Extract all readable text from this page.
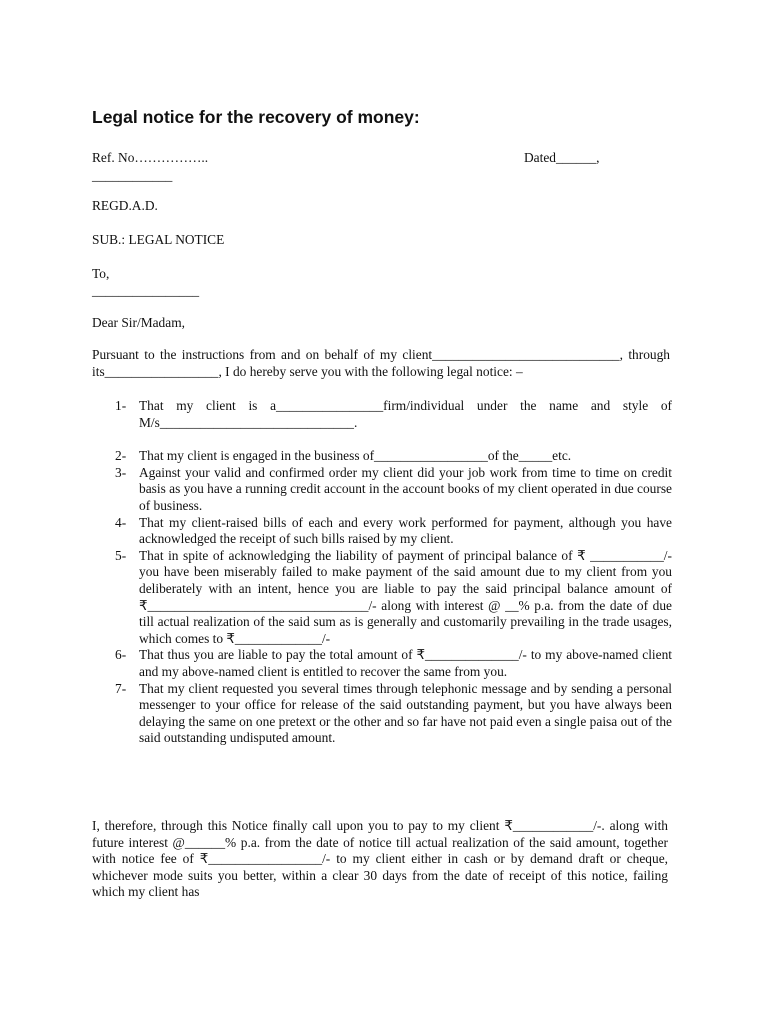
Legal notice for the recovery of money:
Ref. No……………..	Dated______,
____________
REGD.A.D.
SUB.: LEGAL NOTICE
To,
________________
Dear Sir/Madam,

Pursuant to the instructions from and on behalf of my client____________________________, through its_________________, I do hereby serve you with the following legal notice: –

1- That my client is a________________firm/individual under the name and style of M/s_____________________________.
2- That my client is engaged in the business of_________________of the_____etc.
3- Against your valid and confirmed order my client did your job work from time to time on credit basis as you have a running credit account in the account books of my client operated in due course of business.
4- That my client-raised bills of each and every work performed for payment, although you have acknowledged the receipt of such bills raised by my client.
5- That in spite of acknowledging the liability of payment of principal balance of ₹ ___________/- you have been miserably failed to make payment of the said amount due to my client from you deliberately with an intent, hence you are liable to pay the said principal balance amount of ₹_________________________________/- along with interest @ __% p.a. from the date of due till actual realization of the said sum as is generally and customarily prevailing in the trade usages, which comes to ₹_____________/-
6- That thus you are liable to pay the total amount of ₹______________/- to my above-named client and my above-named client is entitled to recover the same from you.
7- That my client requested you several times through telephonic message and by sending a personal messenger to your office for release of the said outstanding payment, but you have always been delaying the same on one pretext or the other and so far have not paid even a single paisa out of the said outstanding undisputed amount.

I, therefore, through this Notice finally call upon you to pay to my client ₹____________/-. along with future interest @______% p.a. from the date of notice till actual realization of the said amount, together with notice fee of ₹_________________/- to my client either in cash or by demand draft or cheque, whichever mode suits you better, within a clear 30 days from the date of receipt of this notice, failing which my client has
